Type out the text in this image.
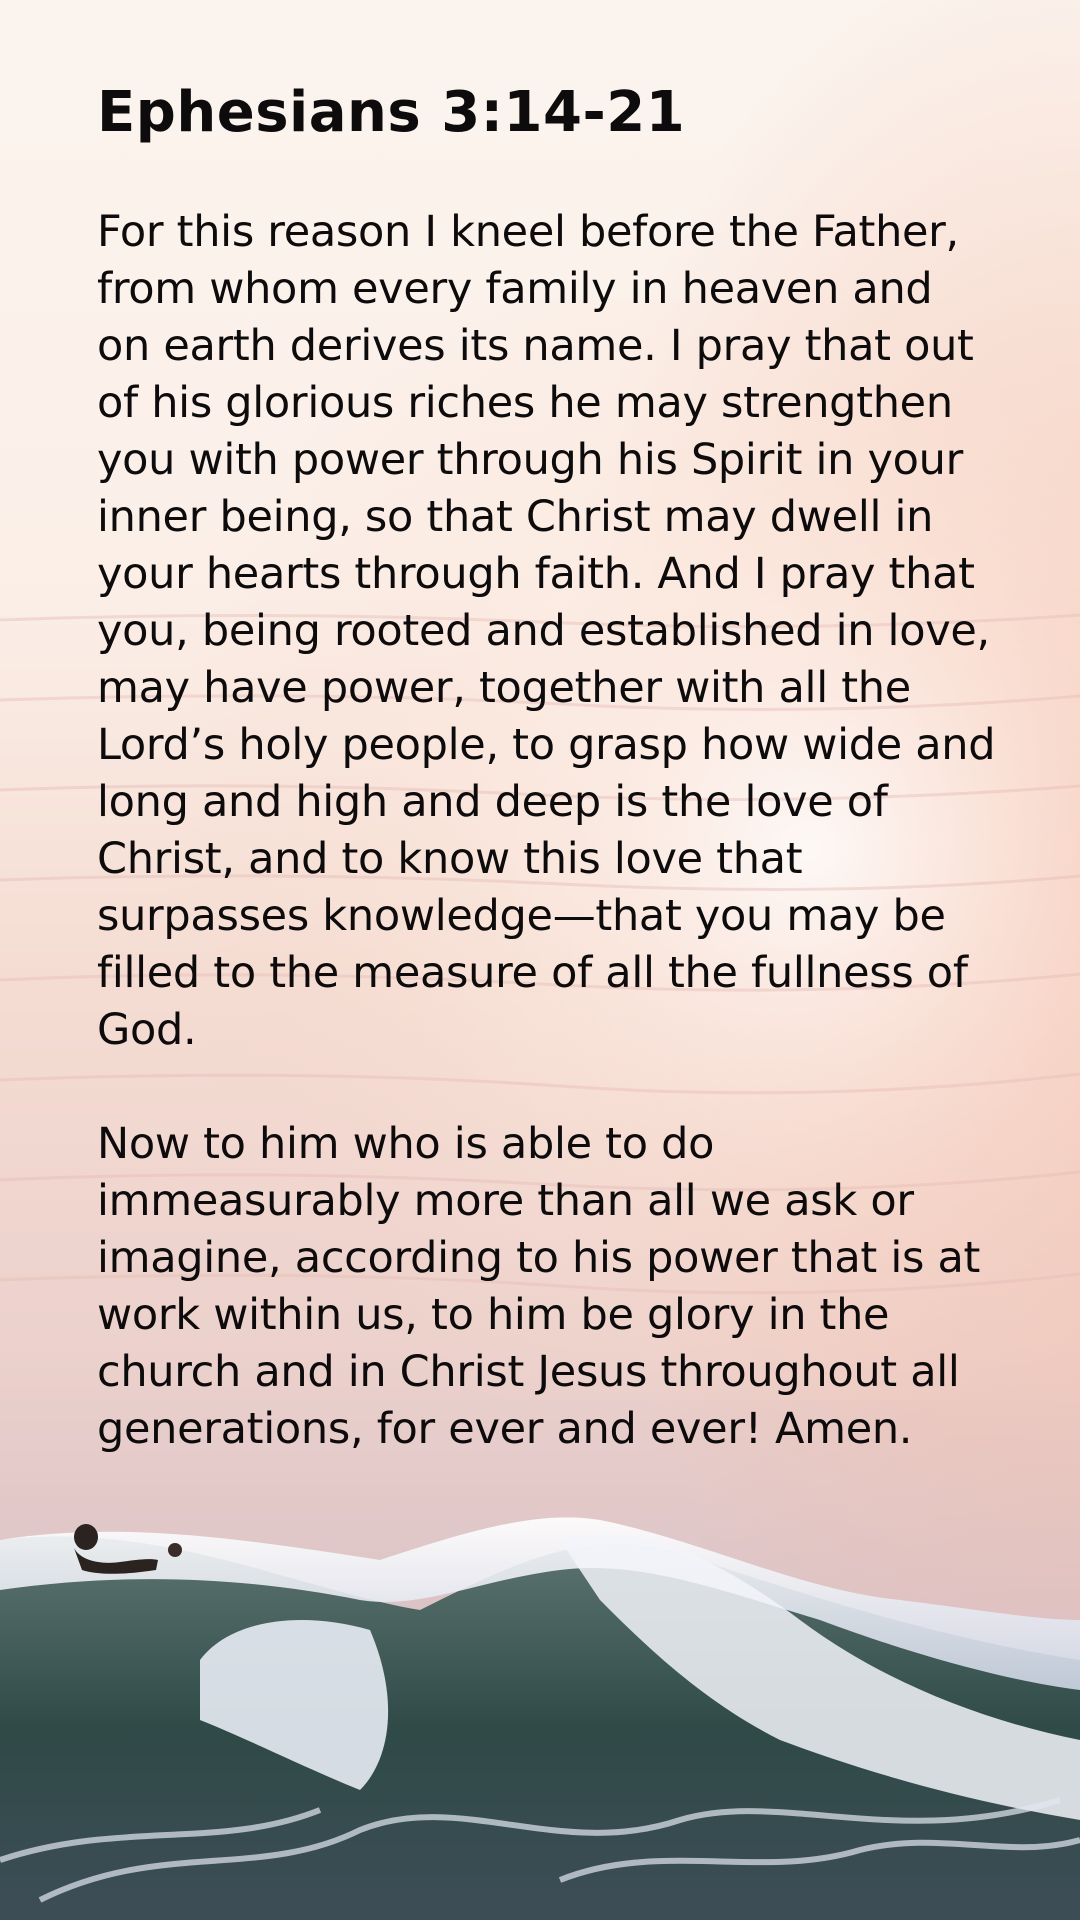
Ephesians 3:14-21

For this reason I kneel before the Father, from whom every family in heaven and on earth derives its name. I pray that out of his glorious riches he may strengthen you with power through his Spirit in your inner being, so that Christ may dwell in your hearts through faith. And I pray that you, being rooted and established in love, may have power, together with all the Lord’s holy people, to grasp how wide and long and high and deep is the love of Christ, and to know this love that surpasses knowledge—that you may be filled to the measure of all the fullness of God.

Now to him who is able to do immeasurably more than all we ask or imagine, according to his power that is at work within us, to him be glory in the church and in Christ Jesus throughout all generations, for ever and ever! Amen.
